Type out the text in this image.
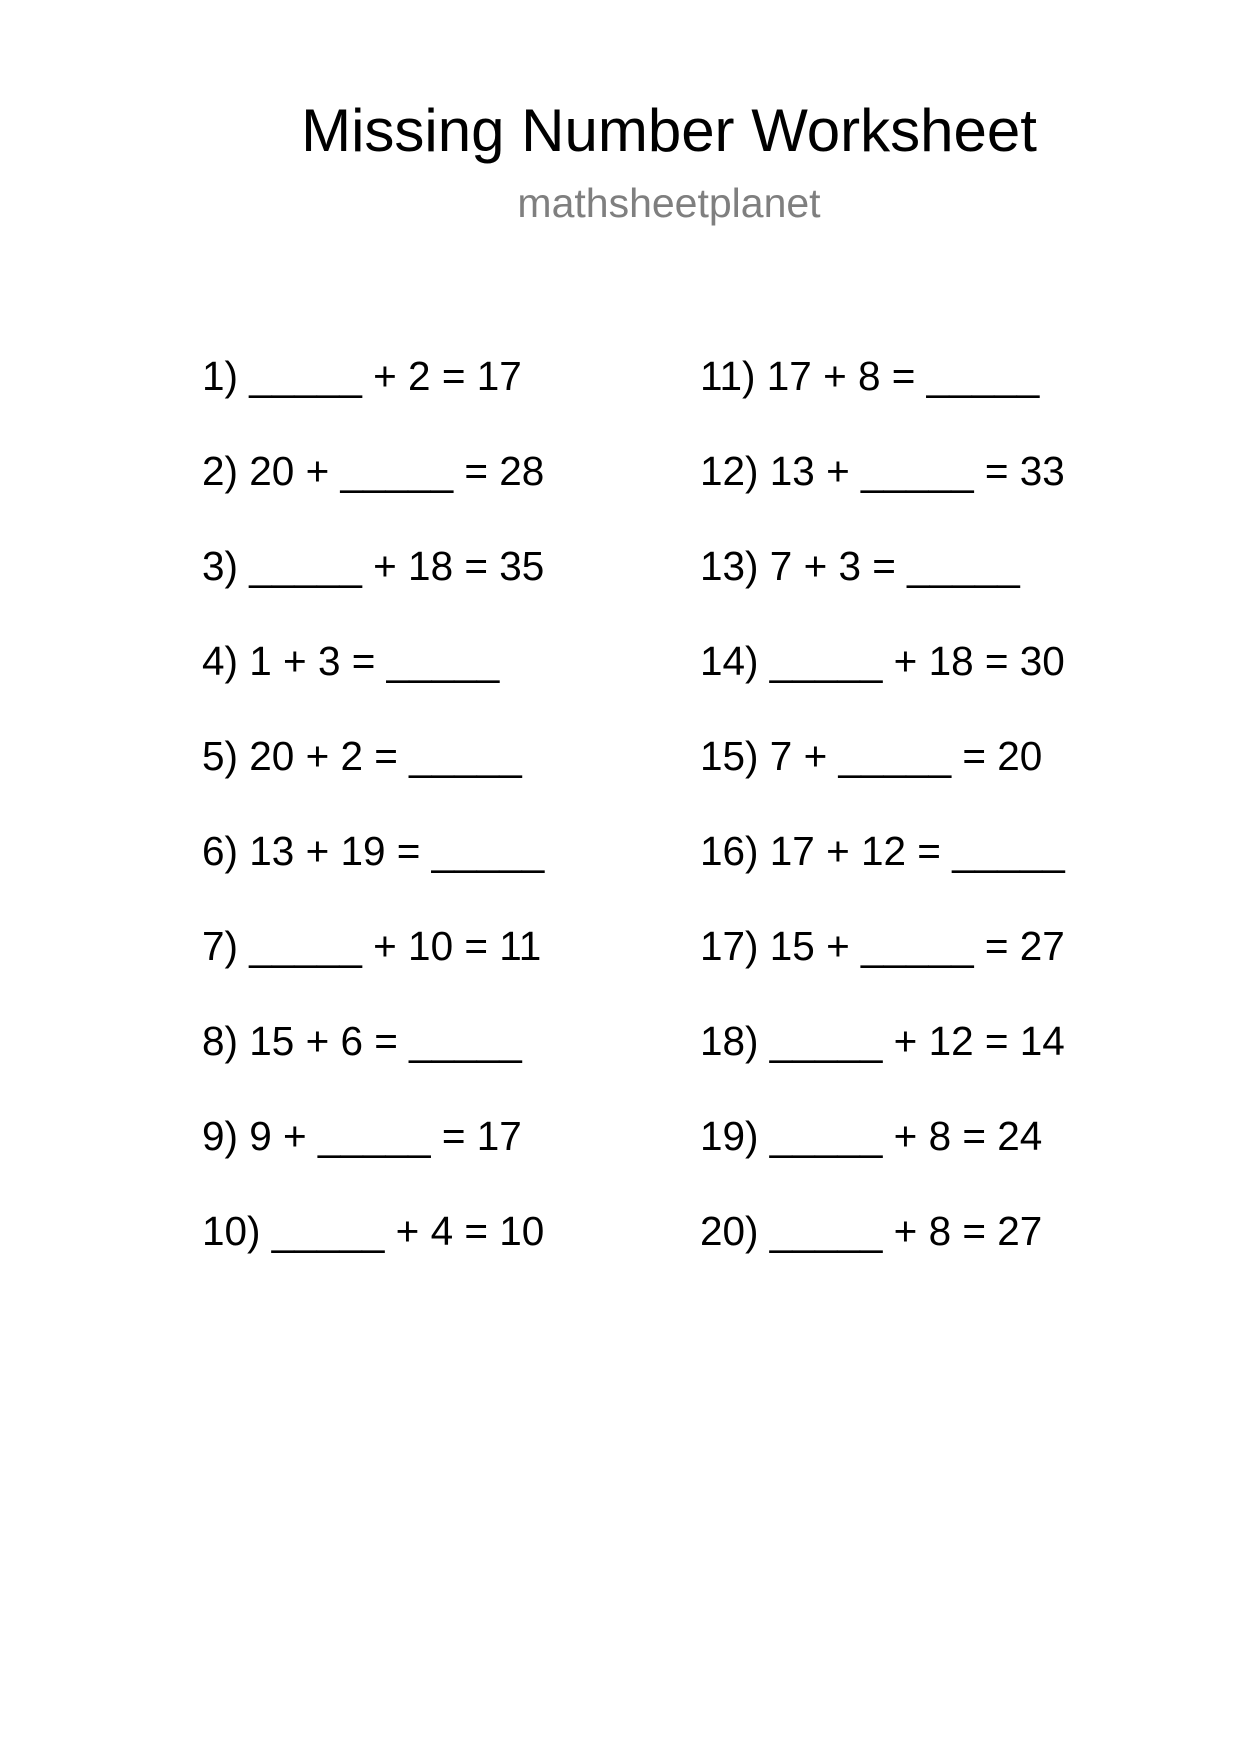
Missing Number Worksheet
mathsheetplanet
1) _____ + 2 = 17
2) 20 + _____ = 28
3) _____ + 18 = 35
4) 1 + 3 = _____
5) 20 + 2 = _____
6) 13 + 19 = _____
7) _____ + 10 = 11
8) 15 + 6 = _____
9) 9 + _____ = 17
10) _____ + 4 = 10
11) 17 + 8 = _____
12) 13 + _____ = 33
13) 7 + 3 = _____
14) _____ + 18 = 30
15) 7 + _____ = 20
16) 17 + 12 = _____
17) 15 + _____ = 27
18) _____ + 12 = 14
19) _____ + 8 = 24
20) _____ + 8 = 27
